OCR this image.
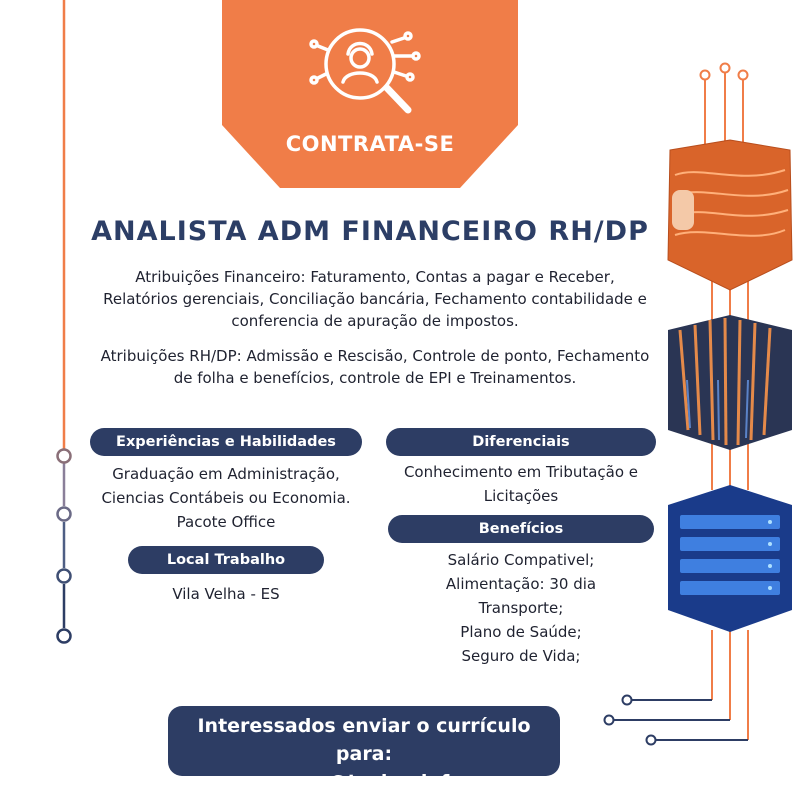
CONTRATA-SE
ANALISTA ADM FINANCEIRO RH/DP
Atribuições Financeiro: Faturamento, Contas a pagar e Receber,
Relatórios gerenciais, Conciliação bancária, Fechamento contabilidade e
conferencia de apuração de impostos.
Atribuições RH/DP: Admissão e Rescisão, Controle de ponto, Fechamento
de folha e benefícios, controle de EPI e Treinamentos.
Experiências e Habilidades
Graduação em Administração,
Ciencias Contábeis ou Economia.
Pacote Office
Local Trabalho
Vila Velha - ES
Diferenciais
Conhecimento em Tributação e
Licitações
Benefícios
Salário Compativel;
Alimentação: 30 dia
Transporte;
Plano de Saúde;
Seguro de Vida;
Interessados enviar o currículo para:
vagas@teclan.info
